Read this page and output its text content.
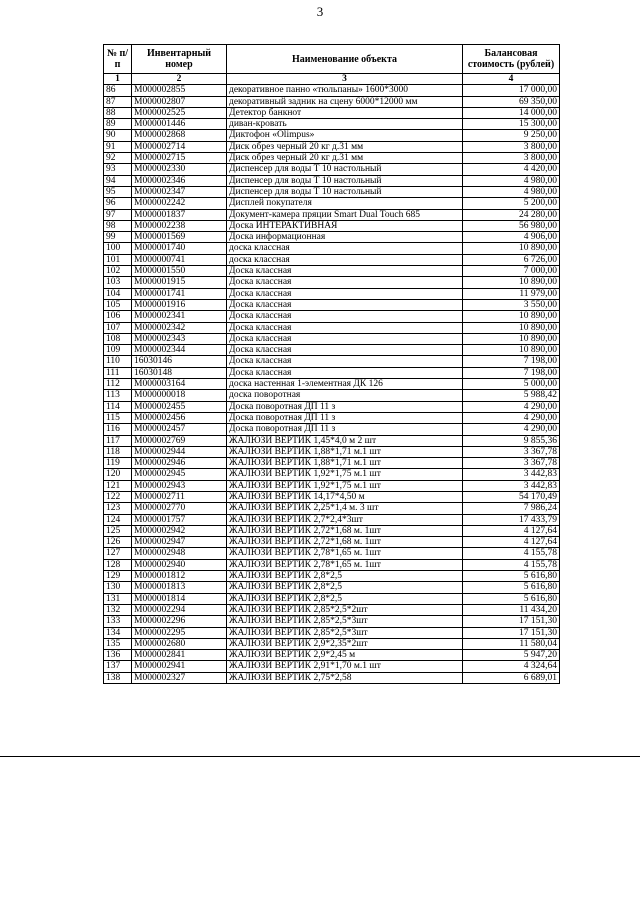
3
№ п/п	Инвентарный номер	Наименование объекта	Балансовая стоимость (рублей)
1	2	3	4
86	М000002855	декоративное панно «тюльпаны» 1600*3000	17 000,00
87	М000002807	декоративный задник на сцену 6000*12000 мм	69 350,00
88	М000002525	Детектор банкнот	14 000,00
89	М000001446	диван-кровать	15 300,00
90	М000002868	Диктофон «Olimpus»	9 250,00
91	М000002714	Диск обрез черный 20 кг д.31 мм	3 800,00
92	М000002715	Диск обрез черный 20 кг д.31 мм	3 800,00
93	М000002330	Диспенсер для воды Т 10 настольный	4 420,00
94	М000002346	Диспенсер для воды Т 10 настольный	4 980,00
95	М000002347	Диспенсер для воды Т 10 настольный	4 980,00
96	М000002242	Дисплей покупателя	5 200,00
97	М000001837	Документ-камера пряции Smart Dual Touch 685	24 280,00
98	М000002238	Доска ИНТЕРАКТИВНАЯ	56 980,00
99	М000001569	Доска информационная	4 906,00
100	М000001740	доска классная	10 890,00
101	М000000741	доска класcная	6 726,00
102	М000001550	Доска классная	7 000,00
103	М000001915	Доска классная	10 890,00
104	М000001741	Доска классная	11 979,00
105	М000001916	Доска классная	3 550,00
106	М000002341	Доска классная	10 890,00
107	М000002342	Доска классная	10 890,00
108	М000002343	Доска классная	10 890,00
109	М000002344	Доска классная	10 890,00
110	16030146	Доска классная	7 198,00
111	16030148	Доска классная	7 198,00
112	М000003164	доска настенная 1-элементная ДК 126	5 000,00
113	М000000018	доска поворотная	5 988,42
114	М000002455	Доска поворотная ДП 11 з	4 290,00
115	М000002456	Доска поворотная ДП 11 з	4 290,00
116	М000002457	Доска поворотная ДП 11 з	4 290,00
117	М000002769	ЖАЛЮЗИ ВЕРТИК 1,45*4,0 м 2 шт	9 855,36
118	М000002944	ЖАЛЮЗИ ВЕРТИК 1,88*1,71 м.1 шт	3 367,78
119	М000002946	ЖАЛЮЗИ ВЕРТИК 1,88*1,71 м.1 шт	3 367,78
120	М000002945	ЖАЛЮЗИ ВЕРТИК 1,92*1,75 м.1 шт	3 442,83
121	М000002943	ЖАЛЮЗИ ВЕРТИК 1,92*1,75 м.1 шт	3 442,83
122	М000002711	ЖАЛЮЗИ ВЕРТИК 14,17*4,50 м	54 170,49
123	М000002770	ЖАЛЮЗИ ВЕРТИК 2,25*1,4 м. 3 шт	7 986,24
124	М000001757	ЖАЛЮЗИ ВЕРТИК 2,7*2,4*3шт	17 433,79
125	М000002942	ЖАЛЮЗИ ВЕРТИК 2,72*1,68 м. 1шт	4 127,64
126	М000002947	ЖАЛЮЗИ ВЕРТИК 2,72*1,68 м. 1шт	4 127,64
127	М000002948	ЖАЛЮЗИ ВЕРТИК 2,78*1,65 м. 1шт	4 155,78
128	М000002940	ЖАЛЮЗИ ВЕРТИК 2,78*1,65 м. 1шт	4 155,78
129	М000001812	ЖАЛЮЗИ ВЕРТИК 2,8*2,5	5 616,80
130	М000001813	ЖАЛЮЗИ ВЕРТИК 2,8*2,5	5 616,80
131	М000001814	ЖАЛЮЗИ ВЕРТИК 2,8*2,5	5 616,80
132	М000002294	ЖАЛЮЗИ ВЕРТИК 2,85*2,5*2шт	11 434,20
133	М000002296	ЖАЛЮЗИ ВЕРТИК 2,85*2,5*3шт	17 151,30
134	М000002295	ЖАЛЮЗИ ВЕРТИК 2,85*2,5*3шт	17 151,30
135	М000002680	ЖАЛЮЗИ ВЕРТИК 2,9*2,35*2шт	11 580,04
136	М000002841	ЖАЛЮЗИ ВЕРТИК 2,9*2,45 м	5 947,20
137	М000002941	ЖАЛЮЗИ ВЕРТИК 2,91*1,70 м.1 шт	4 324,64
138	М000002327	ЖАЛЮЗИ ВЕРТИК 2,75*2,58	6 689,01
